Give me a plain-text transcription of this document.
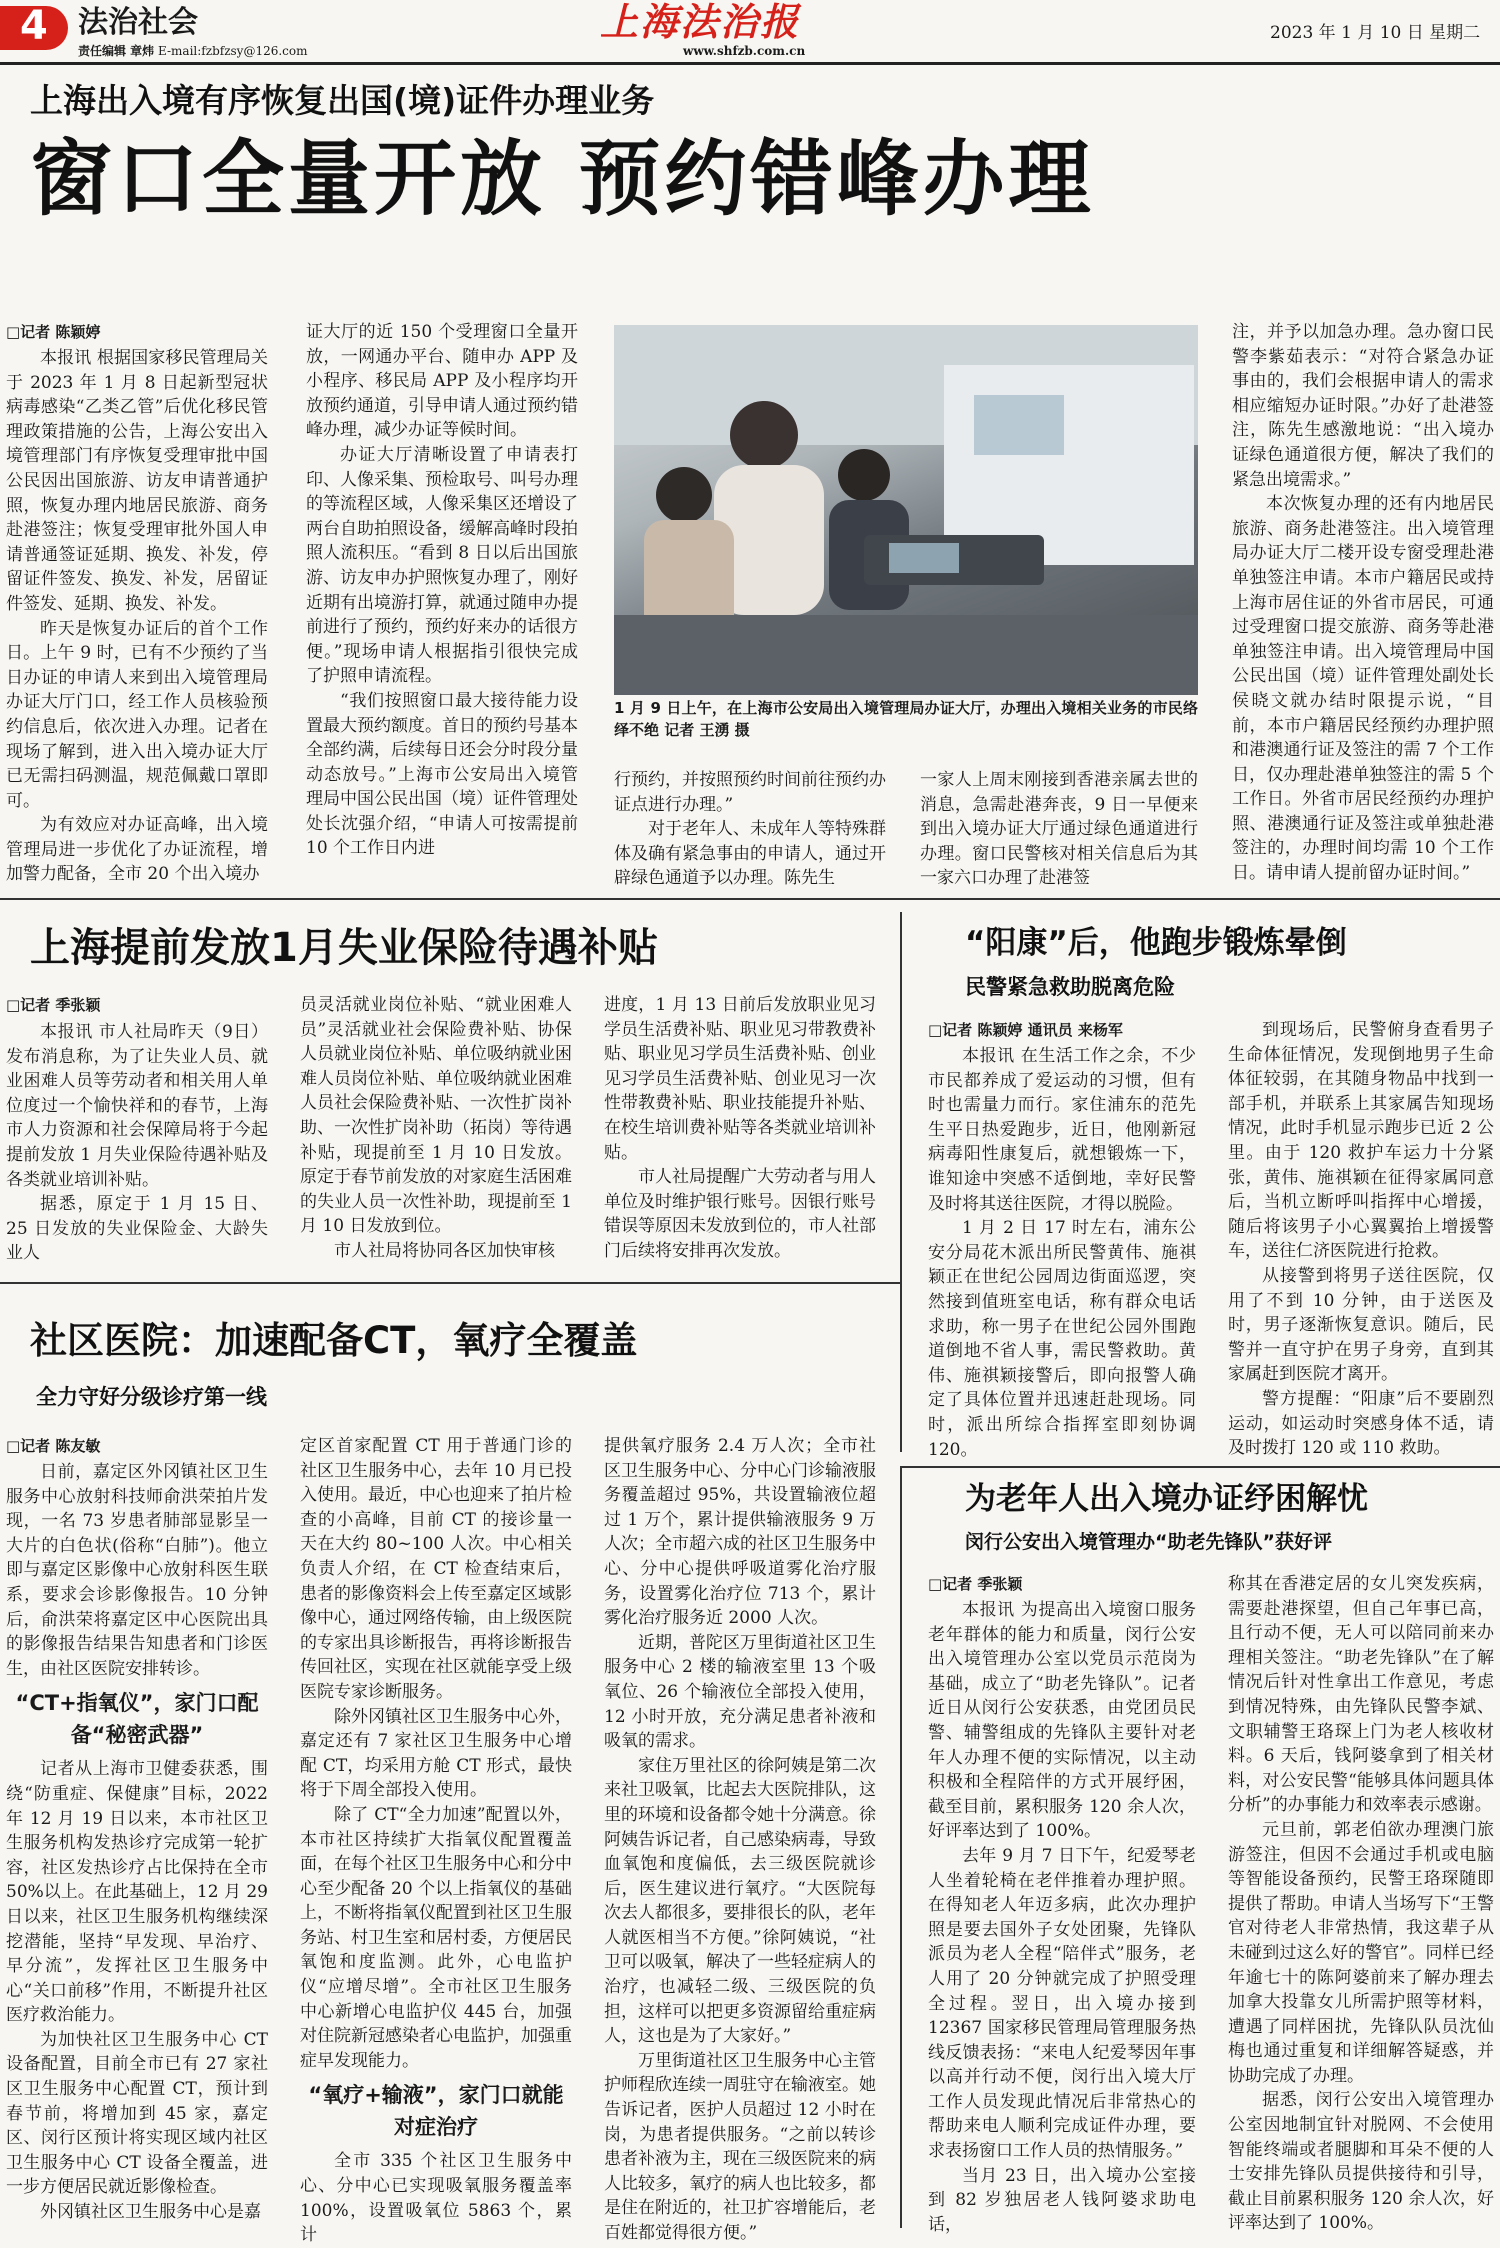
4 法治社会
责任编辑 章炜 E-mail:fzbfzsy@126.com
上海法治报
www.shfzb.com.cn
2023 年 1 月 10 日 星期二
上海出入境有序恢复出国(境)证件办理业务
窗口全量开放 预约错峰办理
□记者 陈颖婷

本报讯 根据国家移民管理局关于 2023 年 1 月 8 日起新型冠状病毒感染“乙类乙管”后优化移民管理政策措施的公告，上海公安出入境管理部门有序恢复受理审批中国公民因出国旅游、访友申请普通护照，恢复办理内地居民旅游、商务赴港签注；恢复受理审批外国人申请普通签证延期、换发、补发，停留证件签发、换发、补发，居留证件签发、延期、换发、补发。

昨天是恢复办证后的首个工作日。上午 9 时，已有不少预约了当日办证的申请人来到出入境管理局办证大厅门口，经工作人员核验预约信息后，依次进入办理。记者在现场了解到，进入出入境办证大厅已无需扫码测温，规范佩戴口罩即可。

为有效应对办证高峰，出入境管理局进一步优化了办证流程，增加警力配备，全市 20 个出入境办

证大厅的近 150 个受理窗口全量开放，一网通办平台、随申办 APP 及小程序、移民局 APP 及小程序均开放预约通道，引导申请人通过预约错峰办理，减少办证等候时间。

办证大厅清晰设置了申请表打印、人像采集、预检取号、叫号办理的等流程区域，人像采集区还增设了两台自助拍照设备，缓解高峰时段拍照人流积压。“看到 8 日以后出国旅游、访友申办护照恢复办理了，刚好近期有出境游打算，就通过随申办提前进行了预约，预约好来办的话很方便。”现场申请人根据指引很快完成了护照申请流程。

“我们按照窗口最大接待能力设置最大预约额度。首日的预约号基本全部约满，后续每日还会分时段分量动态放号。”上海市公安局出入境管理局中国公民出国（境）证件管理处处长沈强介绍，“申请人可按需提前 10 个工作日内进

1 月 9 日上午，在上海市公安局出入境管理局办证大厅，办理出入境相关业务的市民络绎不绝 记者 王湧 摄

行预约，并按照预约时间前往预约办证点进行办理。”

对于老年人、未成年人等特殊群体及确有紧急事由的申请人，通过开辟绿色通道予以办理。陈先生

一家人上周末刚接到香港亲属去世的消息，急需赴港奔丧，9 日一早便来到出入境办证大厅通过绿色通道进行办理。窗口民警核对相关信息后为其一家六口办理了赴港签

注，并予以加急办理。急办窗口民警李紫茹表示：“对符合紧急办证事由的，我们会根据申请人的需求相应缩短办证时限。”办好了赴港签注，陈先生感激地说：“出入境办证绿色通道很方便，解决了我们的紧急出境需求。”

本次恢复办理的还有内地居民旅游、商务赴港签注。出入境管理局办证大厅二楼开设专窗受理赴港单独签注申请。本市户籍居民或持上海市居住证的外省市居民，可通过受理窗口提交旅游、商务等赴港单独签注申请。出入境管理局中国公民出国（境）证件管理处副处长侯晓文就办结时限提示说，“目前，本市户籍居民经预约办理护照和港澳通行证及签注的需 7 个工作日，仅办理赴港单独签注的需 5 个工作日。外省市居民经预约办理护照、港澳通行证及签注或单独赴港签注的，办理时间均需 10 个工作日。请申请人提前留办证时间。”

上海提前发放1月失业保险待遇补贴
□记者 季张颖

本报讯 市人社局昨天（9日）发布消息称，为了让失业人员、就业困难人员等劳动者和相关用人单位度过一个愉快祥和的春节，上海市人力资源和社会保障局将于今起提前发放 1 月失业保险待遇补贴及各类就业培训补贴。

据悉，原定于 1 月 15 日、25 日发放的失业保险金、大龄失业人

员灵活就业岗位补贴、“就业困难人员”灵活就业社会保险费补贴、协保人员就业岗位补贴、单位吸纳就业困难人员岗位补贴、单位吸纳就业困难人员社会保险费补贴、一次性扩岗补助、一次性扩岗补助（拓岗）等待遇补贴，现提前至 1 月 10 日发放。原定于春节前发放的对家庭生活困难的失业人员一次性补助，现提前至 1 月 10 日发放到位。

市人社局将协同各区加快审核

进度，1 月 13 日前后发放职业见习学员生活费补贴、职业见习带教费补贴、职业见习学员生活费补贴、创业见习学员生活费补贴、创业见习一次性带教费补贴、职业技能提升补贴、在校生培训费补贴等各类就业培训补贴。

市人社局提醒广大劳动者与用人单位及时维护银行账号。因银行账号错误等原因未发放到位的，市人社部门后续将安排再次发放。

“阳康”后，他跑步锻炼晕倒
民警紧急救助脱离危险
□记者 陈颖婷 通讯员 来杨军

本报讯 在生活工作之余，不少市民都养成了爱运动的习惯，但有时也需量力而行。家住浦东的范先生平日热爱跑步，近日，他刚新冠病毒阳性康复后，就想锻炼一下，谁知途中突感不适倒地，幸好民警及时将其送往医院，才得以脱险。

1 月 2 日 17 时左右，浦东公安分局花木派出所民警黄伟、施祺颖正在世纪公园周边街面巡逻，突然接到值班室电话，称有群众电话求助，称一男子在世纪公园外围跑道倒地不省人事，需民警救助。黄伟、施祺颖接警后，即向报警人确定了具体位置并迅速赶赴现场。同时，派出所综合指挥室即刻协调 120。

到现场后，民警俯身查看男子生命体征情况，发现倒地男子生命体征较弱，在其随身物品中找到一部手机，并联系上其家属告知现场情况，此时手机显示跑步已近 2 公里。由于 120 救护车运力十分紧张，黄伟、施祺颖在征得家属同意后，当机立断呼叫指挥中心增援，随后将该男子小心翼翼抬上增援警车，送往仁济医院进行抢救。

从接警到将男子送往医院，仅用了不到 10 分钟，由于送医及时，男子逐渐恢复意识。随后，民警并一直守护在男子身旁，直到其家属赶到医院才离开。

警方提醒：“阳康”后不要剧烈运动，如运动时突感身体不适，请及时拨打 120 或 110 救助。

社区医院：加速配备CT，氧疗全覆盖
全力守好分级诊疗第一线
□记者 陈友敏

日前，嘉定区外冈镇社区卫生服务中心放射科技师俞洪荣拍片发现，一名 73 岁患者肺部显影呈一大片的白色状(俗称“白肺”)。他立即与嘉定区影像中心放射科医生联系，要求会诊影像报告。10 分钟后，俞洪荣将嘉定区中心医院出具的影像报告结果告知患者和门诊医生，由社区医院安排转诊。

“CT+指氧仪”，家门口配备“秘密武器”

记者从上海市卫健委获悉，围绕“防重症、保健康”目标，2022 年 12 月 19 日以来，本市社区卫生服务机构发热诊疗完成第一轮扩容，社区发热诊疗占比保持在全市 50%以上。在此基础上，12 月 29 日以来，社区卫生服务机构继续深挖潜能，坚持“早发现、早治疗、早分流”，发挥社区卫生服务中心“关口前移”作用，不断提升社区医疗救治能力。

为加快社区卫生服务中心 CT 设备配置，目前全市已有 27 家社区卫生服务中心配置 CT，预计到春节前，将增加到 45 家，嘉定区、闵行区预计将实现区域内社区卫生服务中心 CT 设备全覆盖，进一步方便居民就近影像检查。

外冈镇社区卫生服务中心是嘉

定区首家配置 CT 用于普通门诊的社区卫生服务中心，去年 10 月已投入使用。最近，中心也迎来了拍片检查的小高峰，目前 CT 的接诊量一天在大约 80~100 人次。中心相关负责人介绍，在 CT 检查结束后，患者的影像资料会上传至嘉定区域影像中心，通过网络传输，由上级医院的专家出具诊断报告，再将诊断报告传回社区，实现在社区就能享受上级医院专家诊断服务。

除外冈镇社区卫生服务中心外，嘉定还有 7 家社区卫生服务中心增配 CT，均采用方舱 CT 形式，最快将于下周全部投入使用。

除了 CT“全力加速”配置以外，本市社区持续扩大指氧仪配置覆盖面，在每个社区卫生服务中心和分中心至少配备 20 个以上指氧仪的基础上，不断将指氧仪配置到社区卫生服务站、村卫生室和居村委，方便居民氧饱和度监测。此外，心电监护仪“应增尽增”。全市社区卫生服务中心新增心电监护仪 445 台，加强对住院新冠感染者心电监护，加强重症早发现能力。

“氧疗+输液”，家门口就能对症治疗

全市 335 个社区卫生服务中心、分中心已实现吸氧服务覆盖率 100%，设置吸氧位 5863 个，累计

提供氧疗服务 2.4 万人次；全市社区卫生服务中心、分中心门诊输液服务覆盖超过 95%，共设置输液位超过 1 万个，累计提供输液服务 9 万人次；全市超六成的社区卫生服务中心、分中心提供呼吸道雾化治疗服务，设置雾化治疗位 713 个，累计雾化治疗服务近 2000 人次。

近期，普陀区万里街道社区卫生服务中心 2 楼的输液室里 13 个吸氧位、26 个输液位全部投入使用，12 小时开放，充分满足患者补液和吸氧的需求。

家住万里社区的徐阿姨是第二次来社卫吸氧，比起去大医院排队，这里的环境和设备都令她十分满意。徐阿姨告诉记者，自己感染病毒，导致血氧饱和度偏低，去三级医院就诊后，医生建议进行氧疗。“大医院每次去人都很多，要排很长的队，老年人就医相当不方便。”徐阿姨说，“社卫可以吸氧，解决了一些轻症病人的治疗，也减轻二级、三级医院的负担，这样可以把更多资源留给重症病人，这也是为了大家好。”

万里街道社区卫生服务中心主管护师程欣连续一周驻守在输液室。她告诉记者，医护人员超过 12 小时在岗，为患者提供服务。“之前以转诊患者补液为主，现在三级医院来的病人比较多，氧疗的病人也比较多，都是住在附近的，社卫扩容增能后，老百姓都觉得很方便。”

为老年人出入境办证纾困解忧
闵行公安出入境管理办“助老先锋队”获好评
□记者 季张颖

本报讯 为提高出入境窗口服务老年群体的能力和质量，闵行公安出入境管理办公室以党员示范岗为基础，成立了“助老先锋队”。记者近日从闵行公安获悉，由党团员民警、辅警组成的先锋队主要针对老年人办理不便的实际情况，以主动积极和全程陪伴的方式开展纾困，截至目前，累积服务 120 余人次，好评率达到了 100%。

去年 9 月 7 日下午，纪爱琴老人坐着轮椅在老伴推着办理护照。在得知老人年迈多病，此次办理护照是要去国外子女处团聚，先锋队派员为老人全程“陪伴式”服务，老人用了 20 分钟就完成了护照受理全过程。翌日，出入境办接到 12367 国家移民管理局管理服务热线反馈表扬：“来电人纪爱琴因年事以高并行动不便，闵行出入境大厅工作人员发现此情况后非常热心的帮助来电人顺利完成证件办理，要求表扬窗口工作人员的热情服务。”

当月 23 日，出入境办公室接到 82 岁独居老人钱阿婆求助电话，

称其在香港定居的女儿突发疾病，需要赴港探望，但自己年事已高，且行动不便，无人可以陪同前来办理相关签注。“助老先锋队”在了解情况后针对性拿出工作意见，考虑到情况特殊，由先锋队民警李斌、文职辅警王珞琛上门为老人核收材料。6 天后，钱阿婆拿到了相关材料，对公安民警“能够具体问题具体分析”的办事能力和效率表示感谢。

元旦前，郭老伯欲办理澳门旅游签注，但因不会通过手机或电脑等智能设备预约，民警王珞琛随即提供了帮助。申请人当场写下“王警官对待老人非常热情，我这辈子从未碰到过这么好的警官”。同样已经年逾七十的陈阿婆前来了解办理去加拿大投靠女儿所需护照等材料，遭遇了同样困扰，先锋队队员沈仙梅也通过重复和详细解答疑惑，并协助完成了办理。

据悉，闵行公安出入境管理办公室因地制宜针对脱网、不会使用智能终端或者腿脚和耳朵不便的人士安排先锋队员提供接待和引导，截止目前累积服务 120 余人次，好评率达到了 100%。
